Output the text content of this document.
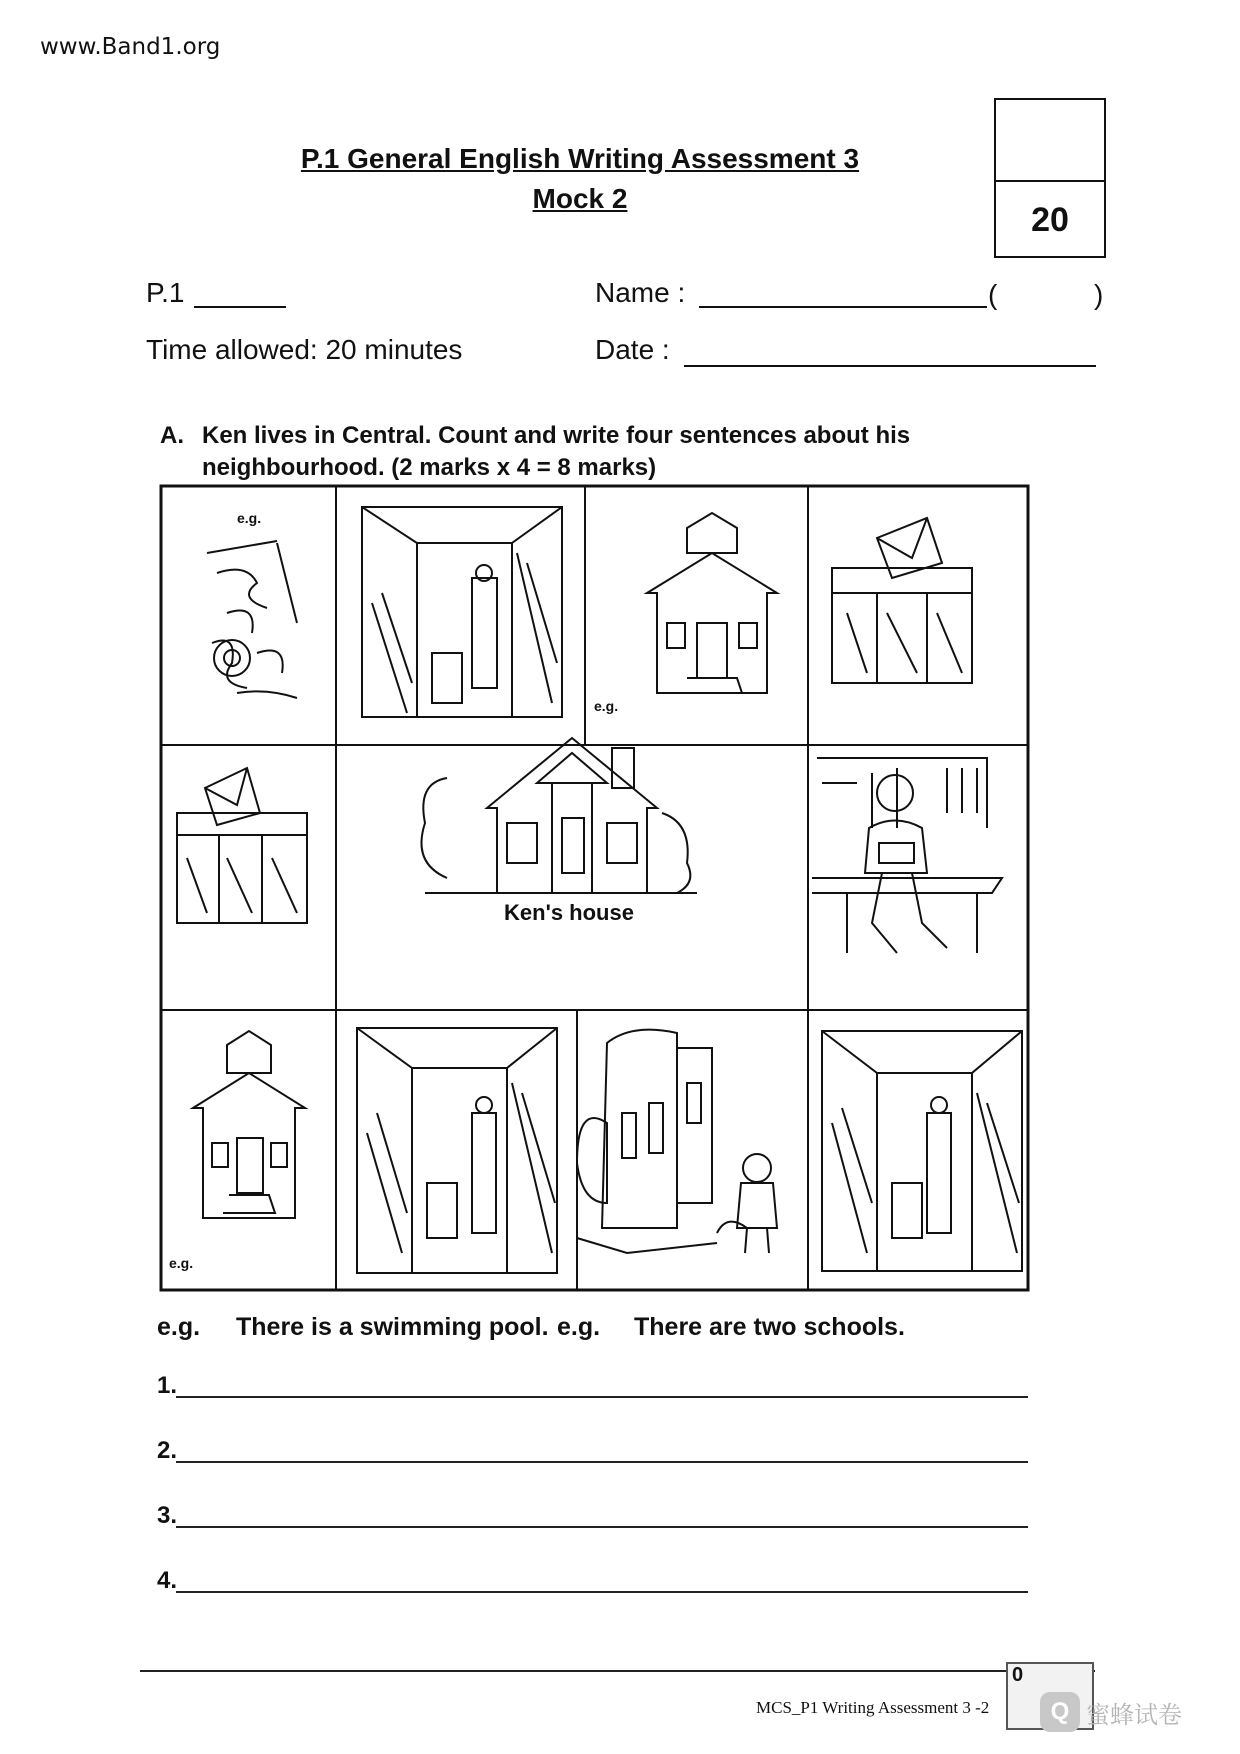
www.Band1.org
20
P.1 General English Writing Assessment 3
Mock 2
P.1	Name :	(	)
Time allowed: 20 minutes	Date :
A. Ken lives in Central. Count and write four sentences about his
neighbourhood. (2 marks x 4 = 8 marks)
e.g.
e.g.
Ken's house
e.g.
e.g. There is a swimming pool. e.g. There are two schools.
1.
2.
3.
4.
MCS_P1 Writing Assessment 3 -2
0
Q 蜜蜂试卷
